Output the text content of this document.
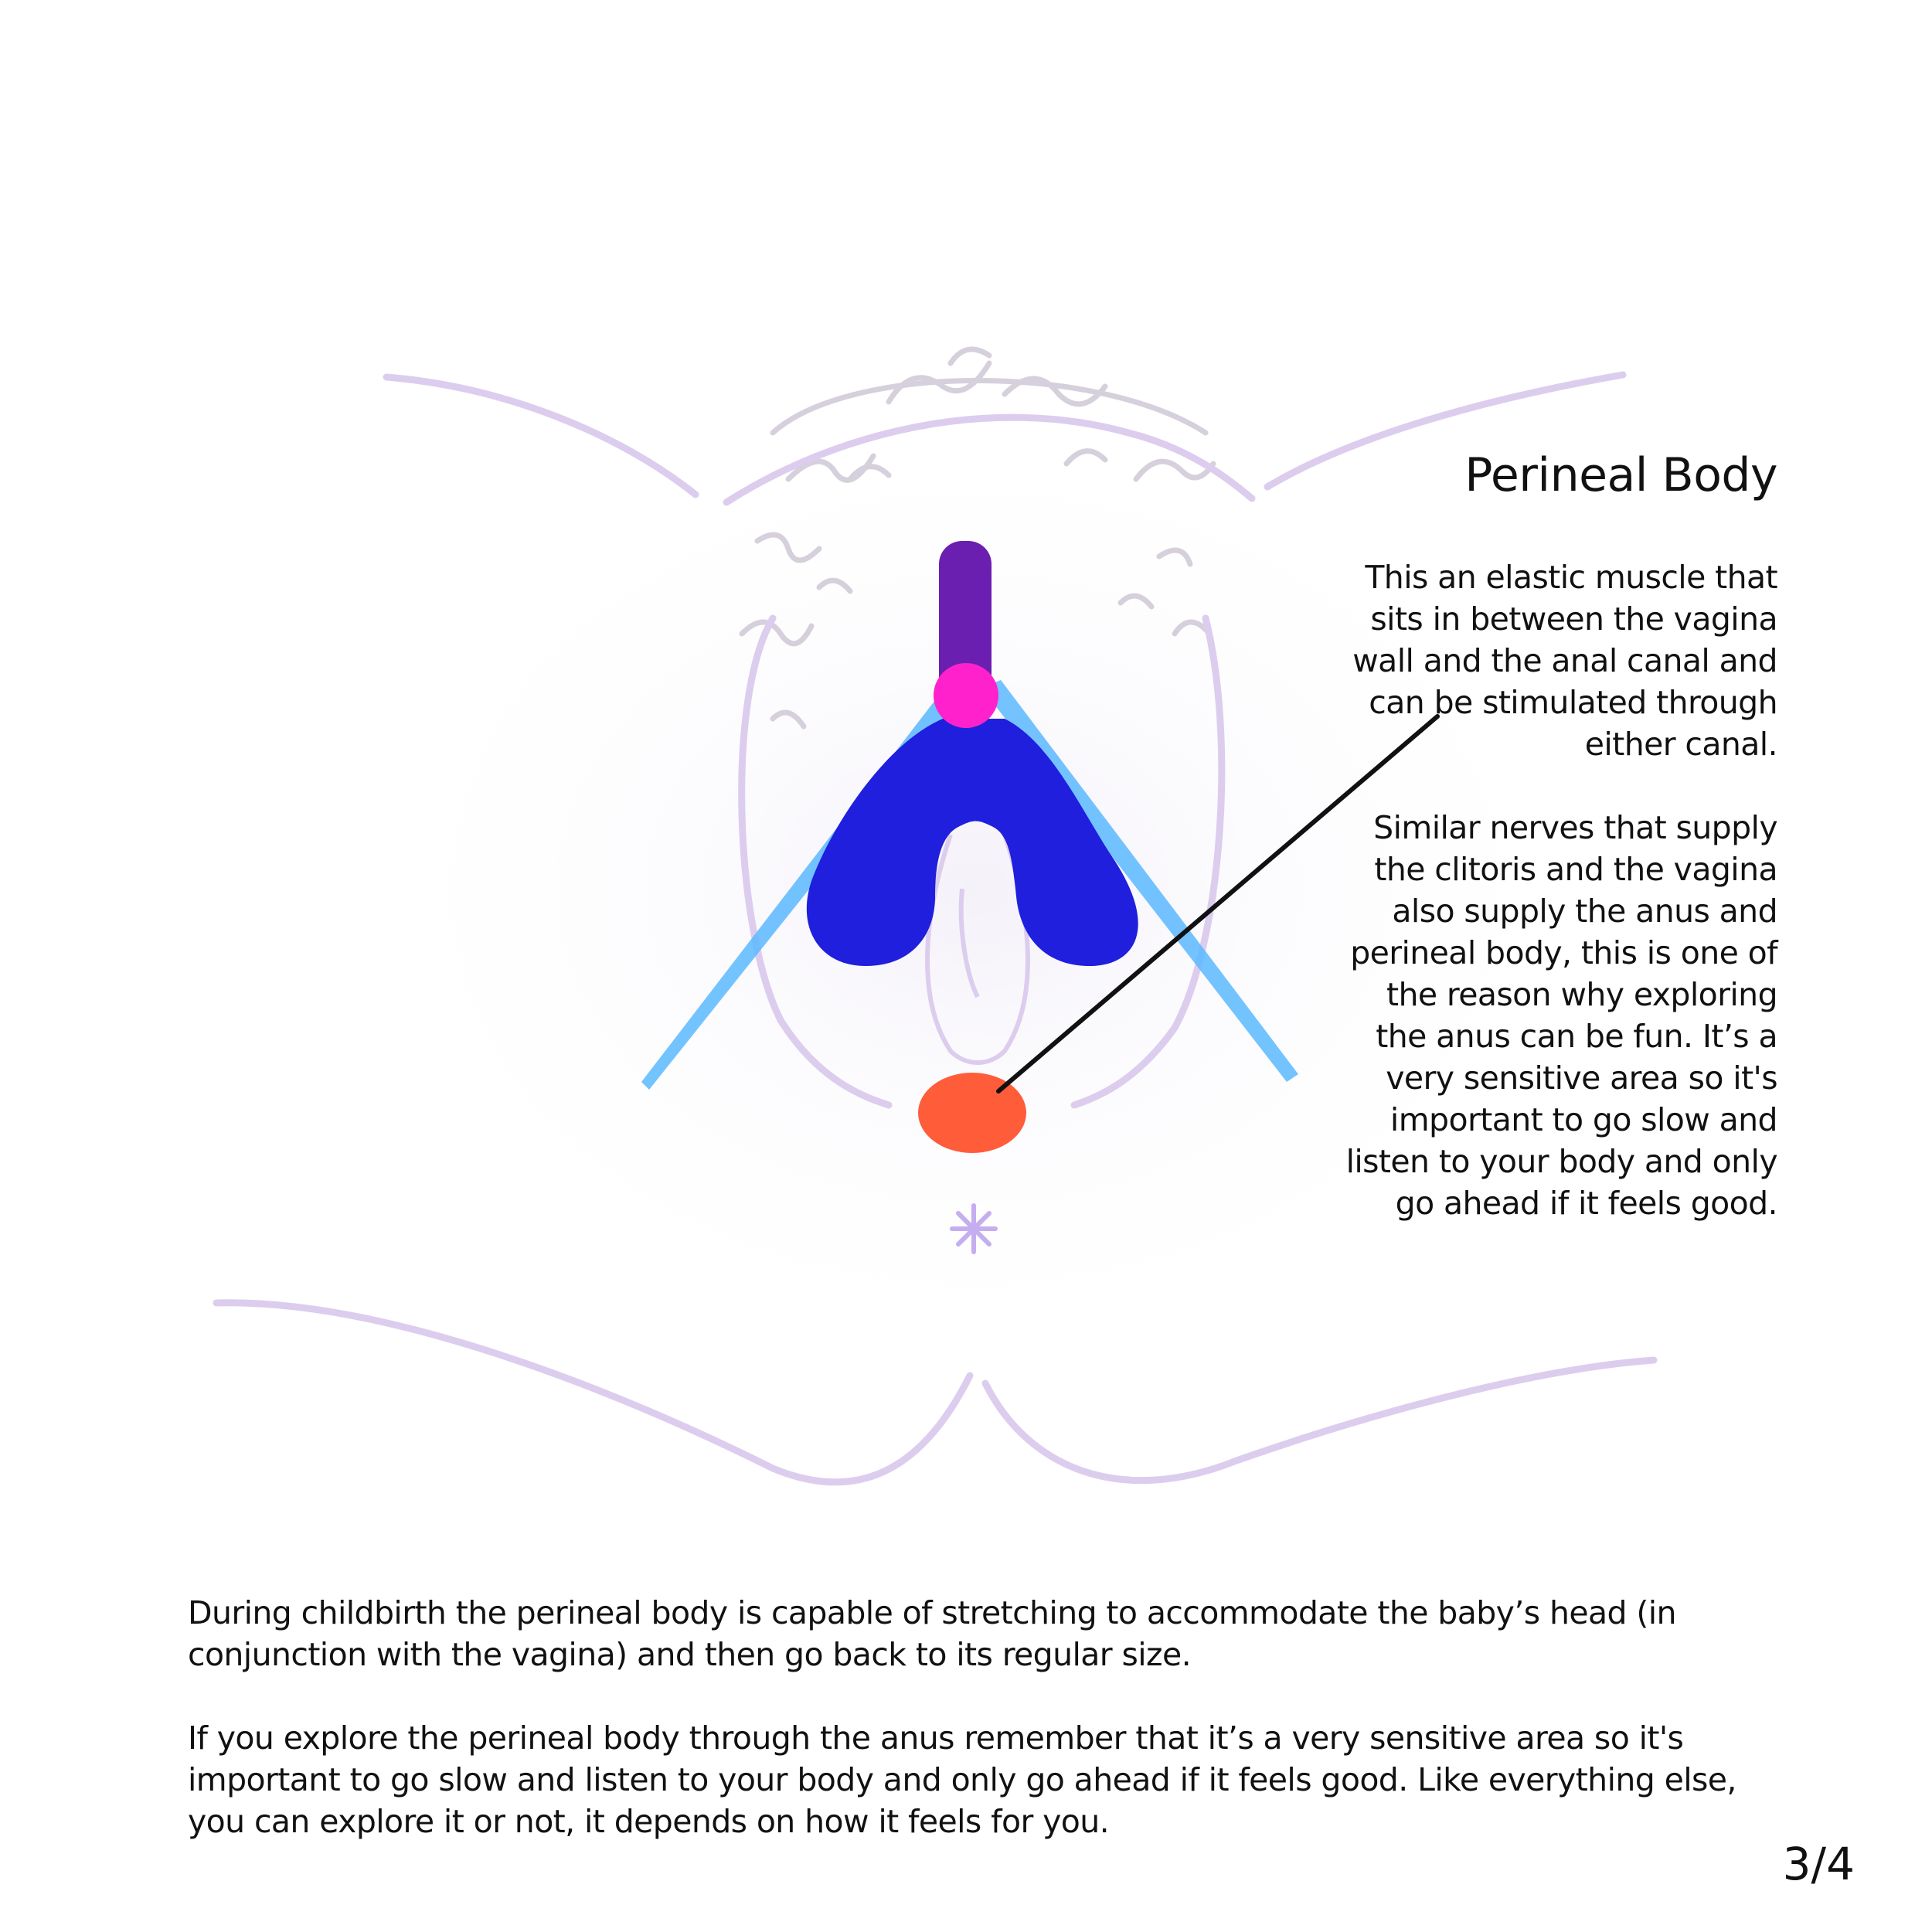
Perineal Body

This an elastic muscle that sits in between the vagina wall and the anal canal and can be stimulated through either canal.

Similar nerves that supply the clitoris and the vagina also supply the anus and perineal body, this is one of the reason why exploring the anus can be fun. It’s a very sensitive area so it's important to go slow and listen to your body and only go ahead if it feels good.

During childbirth the perineal body is capable of stretching to accommodate the baby’s head (in conjunction with the vagina) and then go back to its regular size.

If you explore the perineal body through the anus remember that it’s a very sensitive area so it's important to go slow and listen to your body and only go ahead if it feels good. Like everything else, you can explore it or not, it depends on how it feels for you.

3/4
